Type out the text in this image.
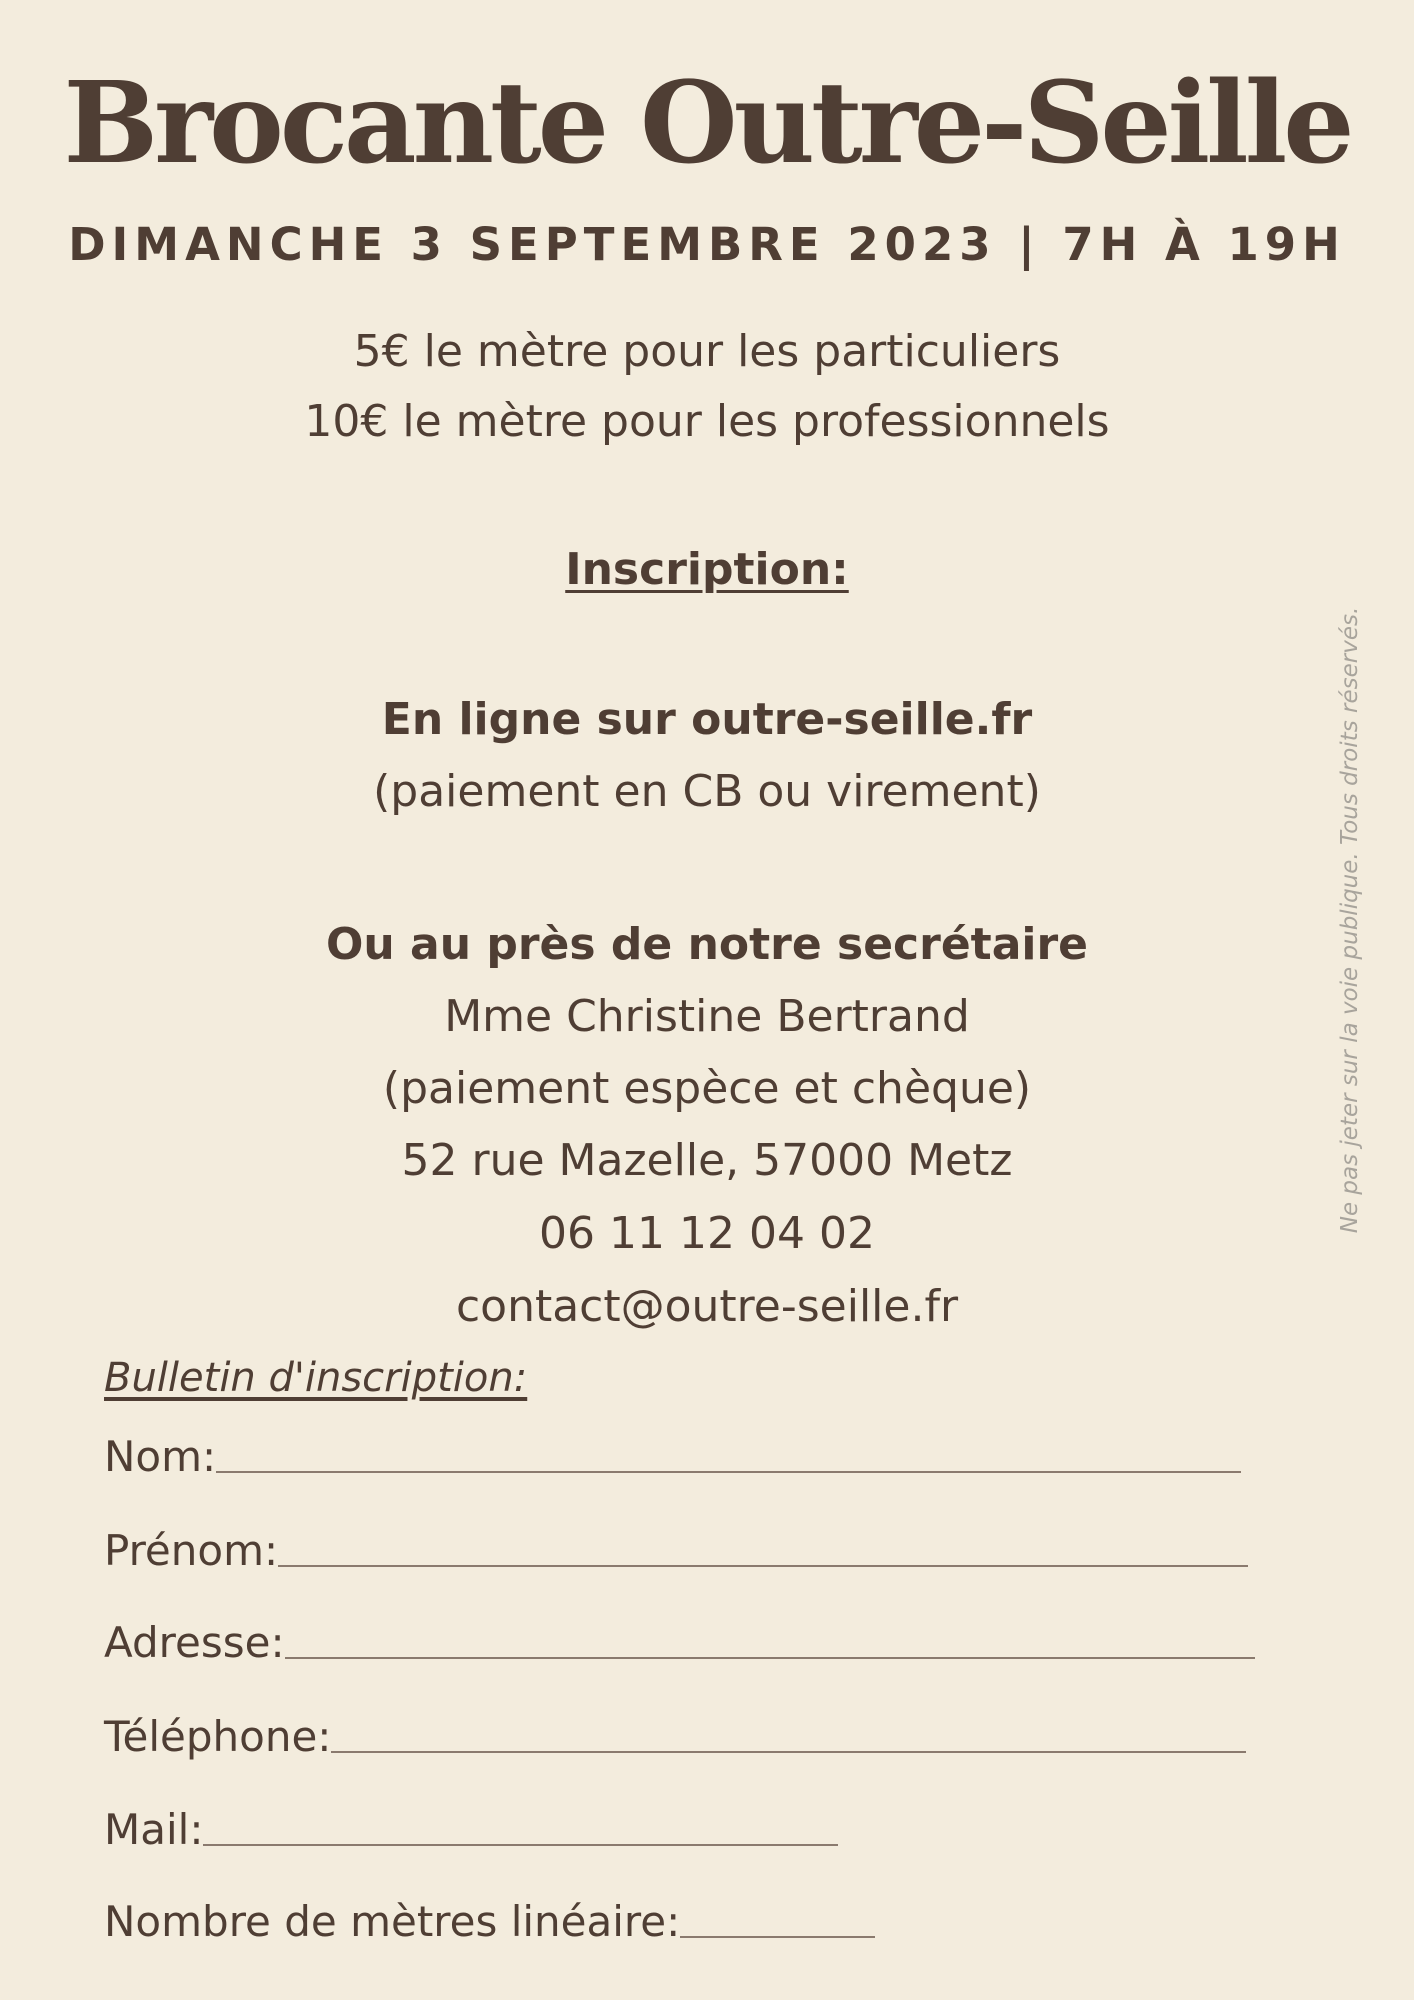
Brocante Outre-Seille
DIMANCHE 3 SEPTEMBRE 2023 | 7H À 19H
5€ le mètre pour les particuliers
10€ le mètre pour les professionnels
Inscription:
En ligne sur outre-seille.fr
(paiement en CB ou virement)
Ou au près de notre secrétaire
Mme Christine Bertrand
(paiement espèce et chèque)
52 rue Mazelle, 57000 Metz
06 11 12 04 02
contact@outre-seille.fr
Ne pas jeter sur la voie publique. Tous droits réservés.
Bulletin d'inscription:
Nom:
Prénom:
Adresse:
Téléphone:
Mail:
Nombre de mètres linéaire:
